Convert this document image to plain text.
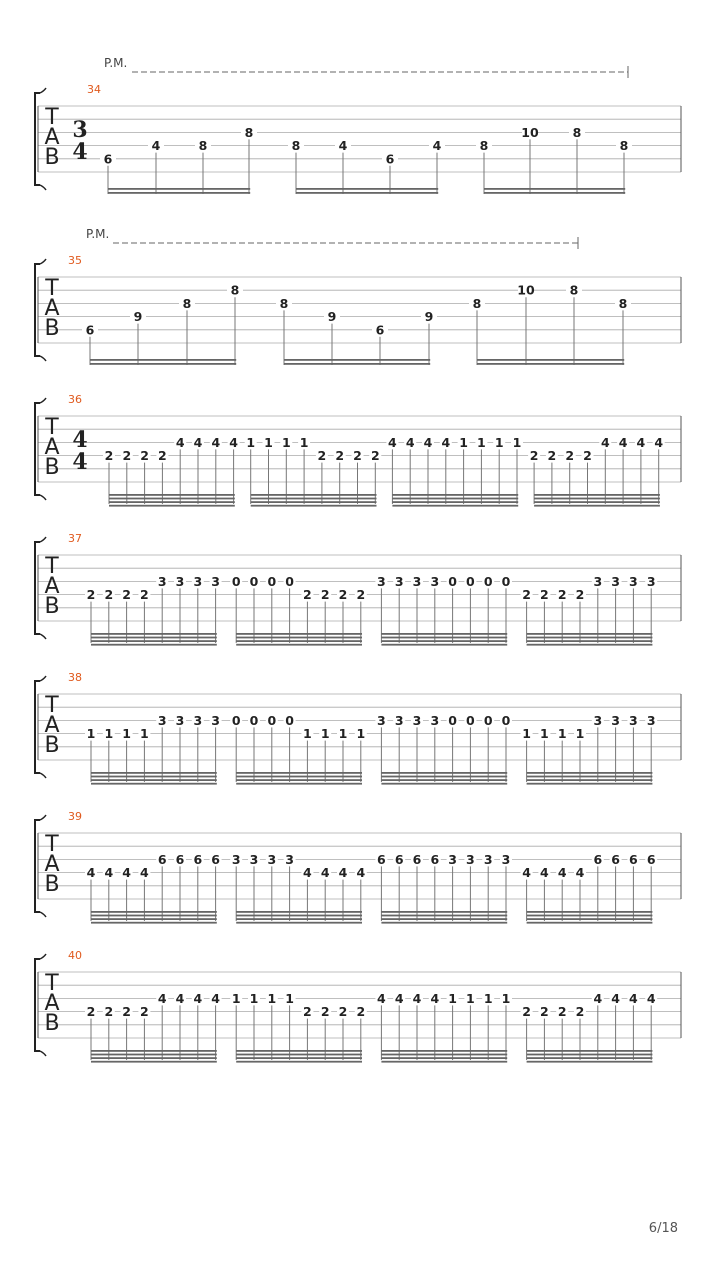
T
A
B
34
3
4
P.M.
6
4	8
8
8	4
6
4	8
10	8
8
T
A
B
35
P.M.
6
9
8
8
8
9
6
9
8
10	8
8
T
A
B
36
4
4 2 2 2 2
4 4 4 4 1 1 1 1
2 2 2 2
4 4 4 4 1 1 1 1
2 2 2 2
4 4 4 4
T
A
B
37
2 2 2 2
3 3 3 3 0 0 0 0
2 2 2 2
3 3 3 3 0 0 0 0
2 2 2 2
3 3 3 3
T
A
B
38
1 1 1 1
3 3 3 3 0 0 0 0
1 1 1 1
3 3 3 3 0 0 0 0
1 1 1 1
3 3 3 3
T
A
B
39
4 4 4 4
6 6 6 6 3 3 3 3
4 4 4 4
6 6 6 6 3 3 3 3
4 4 4 4
6 6 6 6
T
A
B
40
2 2 2 2
4 4 4 4 1 1 1 1
2 2 2 2
4 4 4 4 1 1 1 1
2 2 2 2
4 4 4 4
6/18
